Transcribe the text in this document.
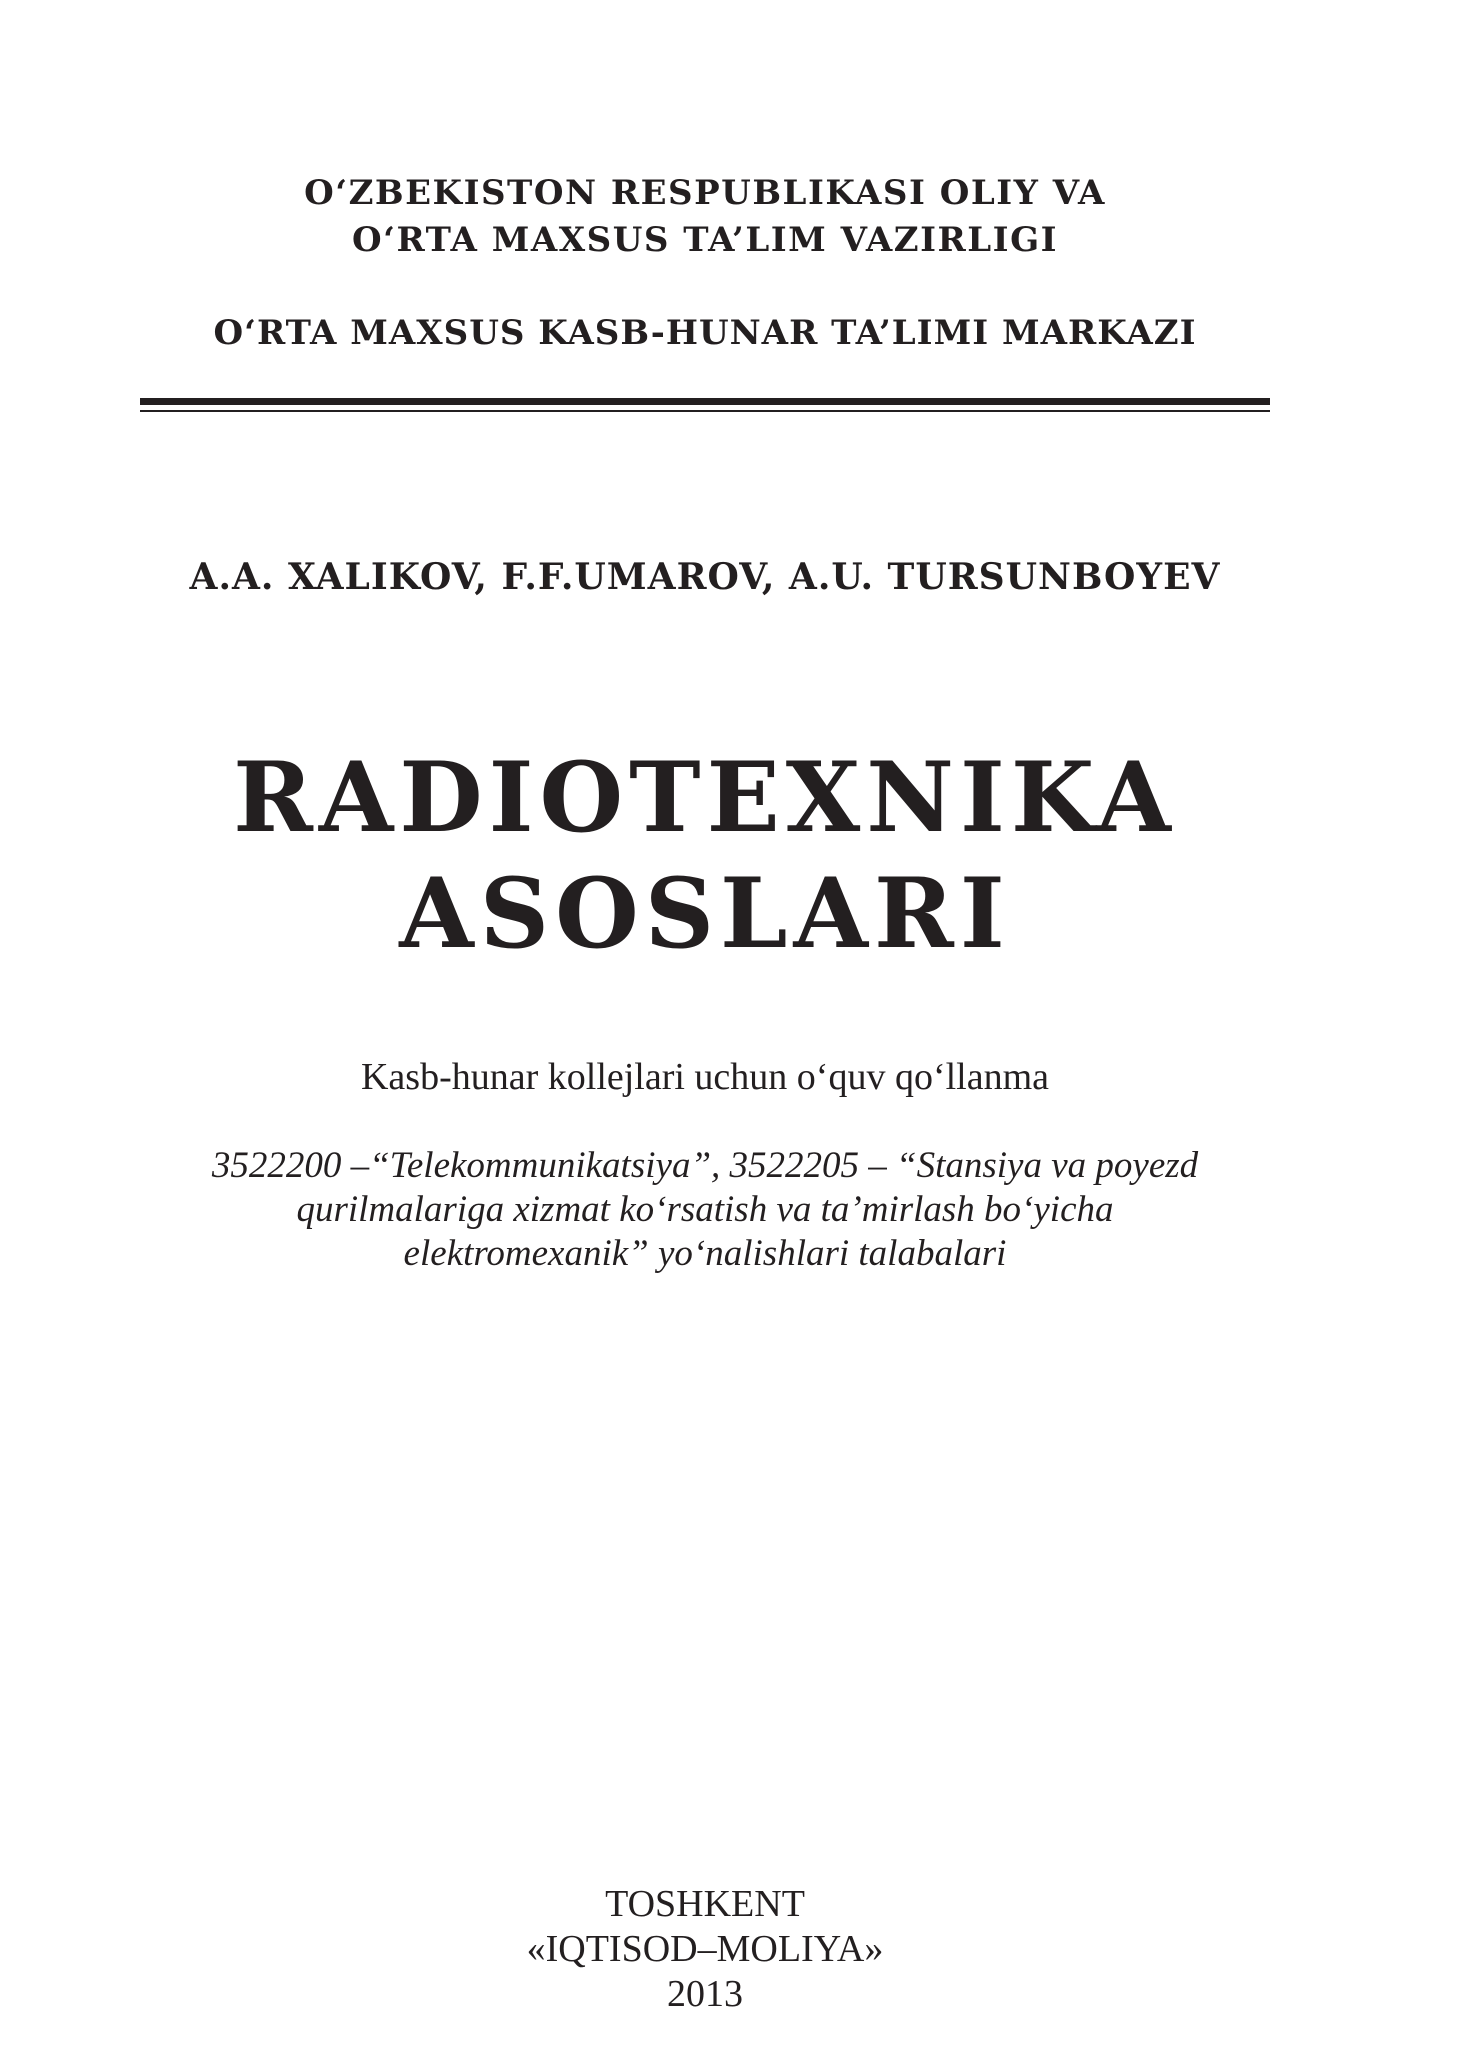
O‘ZBEKISTON RESPUBLIKASI OLIY VA
O‘RTA MAXSUS TA’LIM VAZIRLIGI
O‘RTA MAXSUS KASB-HUNAR TA’LIMI MARKAZI
A.A. XALIKOV, F.F.UMAROV, A.U. TURSUNBOYEV
RADIOTEXNIKA
ASOSLARI
Kasb-hunar kollejlari uchun o‘quv qo‘llanma
3522200 –“Telekommunikatsiya”, 3522205 – “Stansiya va poyezd
qurilmalariga xizmat ko‘rsatish va ta’mirlash bo‘yicha
elektromexanik” yo‘nalishlari talabalari
TOSHKENT
«IQTISOD–MOLIYA»
2013
